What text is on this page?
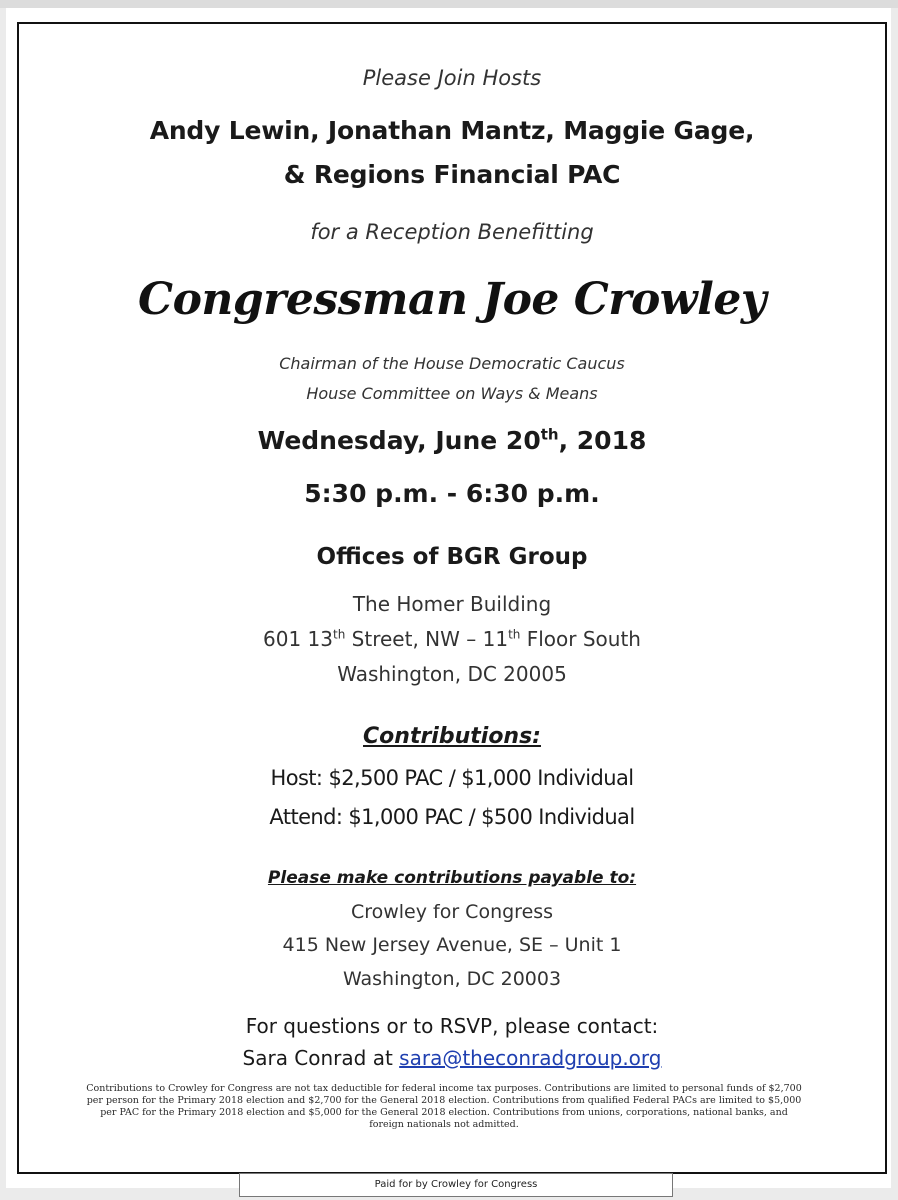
Please Join Hosts
Andy Lewin, Jonathan Mantz, Maggie Gage,
& Regions Financial PAC
for a Reception Benefitting
Congressman Joe Crowley
Chairman of the House Democratic Caucus
House Committee on Ways & Means
Wednesday, June 20th, 2018
5:30 p.m. - 6:30 p.m.
Offices of BGR Group
The Homer Building
601 13th Street, NW – 11th Floor South
Washington, DC 20005
Contributions:
Host: $2,500 PAC / $1,000 Individual
Attend: $1,000 PAC / $500 Individual
Please make contributions payable to:
Crowley for Congress
415 New Jersey Avenue, SE – Unit 1
Washington, DC 20003
For questions or to RSVP, please contact:
Sara Conrad at sara@theconradgroup.org
Contributions to Crowley for Congress are not tax deductible for federal income tax purposes. Contributions are limited to personal funds of $2,700 per person for the Primary 2018 election and $2,700 for the General 2018 election. Contributions from qualified Federal PACs are limited to $5,000 per PAC for the Primary 2018 election and $5,000 for the General 2018 election. Contributions from unions, corporations, national banks, and foreign nationals not admitted.
Paid for by Crowley for Congress
